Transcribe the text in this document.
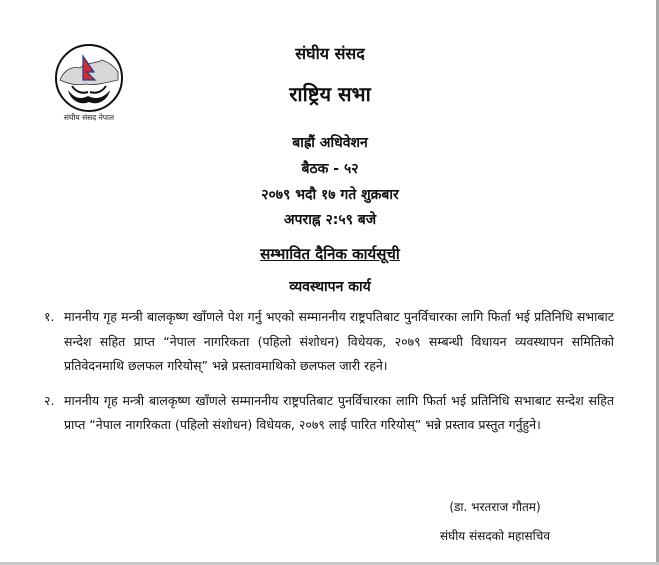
संघीय संसद नेपाल
संघीय संसद
राष्ट्रिय सभा
बाह्रौं अधिवेशन
बैठक - ५२
२०७९ भदौ १७ गते शुक्रबार
अपराह्न २:५९ बजे
सम्भावित दैनिक कार्यसूची
व्यवस्थापन कार्य
१. माननीय गृह मन्त्री बालकृष्ण खाँणले पेश गर्नु भएको सम्माननीय राष्ट्रपतिबाट पुनर्विचारका लागि फिर्ता भई प्रतिनिधि सभाबाट सन्देश सहित प्राप्त “नेपाल नागरिकता (पहिलो संशोधन) विधेयक, २०७९ सम्बन्धी विधायन व्यवस्थापन समितिको प्रतिवेदनमाथि छलफल गरियोस्” भन्ने प्रस्तावमाथिको छलफल जारी रहने।
२. माननीय गृह मन्त्री बालकृष्ण खाँणले सम्माननीय राष्ट्रपतिबाट पुनर्विचारका लागि फिर्ता भई प्रतिनिधि सभाबाट सन्देश सहित प्राप्त “नेपाल नागरिकता (पहिलो संशोधन) विधेयक, २०७९ लाई पारित गरियोस्” भन्ने प्रस्ताव प्रस्तुत गर्नुहुने।
(डा. भरतराज गौतम)
संघीय संसदको महासचिव
